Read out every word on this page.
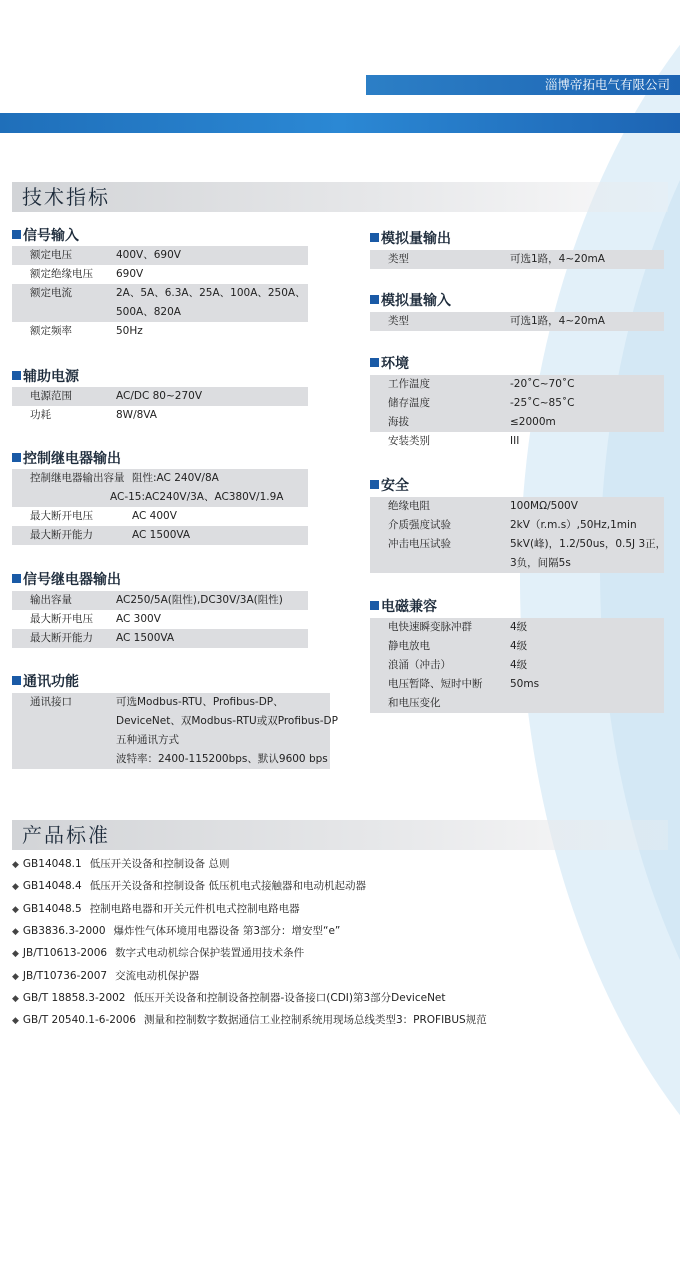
淄博帝拓电气有限公司
技术指标
信号输入
额定电压	400V、690V
额定绝缘电压 690V
额定电流	2A、5A、6.3A、25A、100A、250A、
500A、820A
额定频率	50Hz
辅助电源
电源范围	AC/DC 80~270V
功耗	8W/8VA
控制继电器输出
控制继电器输出容量 阻性:AC 240V/8A
AC-15:AC240V/3A、AC380V/1.9A
最大断开电压	AC 400V
最大断开能力	AC 1500VA
信号继电器输出
输出容量	AC250/5A(阻性),DC30V/3A(阻性)
最大断开电压 AC 300V
最大断开能力 AC 1500VA
通讯功能
通讯接口	可选Modbus-RTU、Profibus-DP、
DeviceNet、双Modbus-RTU或双Profibus-DP
五种通讯方式
波特率：2400-115200bps、默认9600 bps
模拟量输出
类型	可选1路，4~20mA
模拟量输入
类型	可选1路，4~20mA
环境
工作温度	-20˚C~70˚C
储存温度	-25˚C~85˚C
海拔	≤2000m
安装类别	III
安全
绝缘电阻	100MΩ/500V
介质强度试验	2kV（r.m.s）,50Hz,1min
冲击电压试验	5kV(峰)，1.2/50us，0.5J 3正，
3负，间隔5s
电磁兼容
电快速瞬变脉冲群	4级
静电放电	4级
浪涌（冲击）	4级
电压暂降、短时中断	50ms
和电压变化
产品标准
◆ GB14048.1 低压开关设备和控制设备 总则
◆ GB14048.4 低压开关设备和控制设备 低压机电式接触器和电动机起动器
◆ GB14048.5 控制电路电器和开关元件机电式控制电路电器
◆ GB3836.3-2000 爆炸性气体环境用电器设备 第3部分：增安型“e”
◆ JB/T10613-2006 数字式电动机综合保护装置通用技术条件
◆ JB/T10736-2007 交流电动机保护器
◆ GB/T 18858.3-2002 低压开关设备和控制设备控制器-设备接口(CDI)第3部分DeviceNet
◆ GB/T 20540.1-6-2006 测量和控制数字数据通信工业控制系统用现场总线类型3：PROFIBUS规范
